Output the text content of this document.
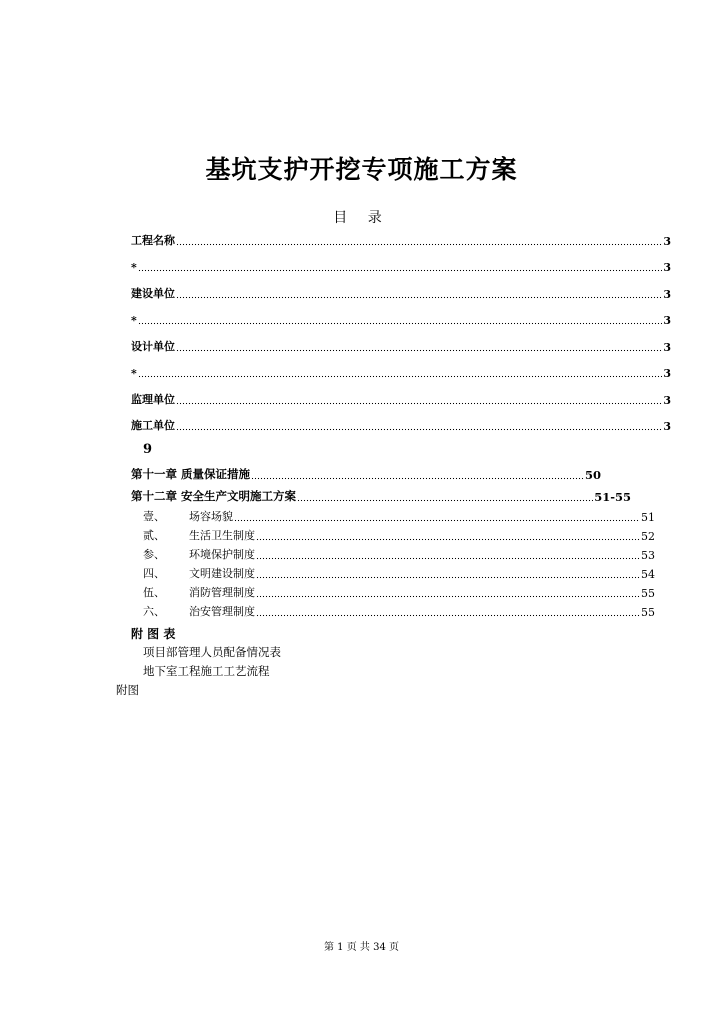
基坑支护开挖专项施工方案
目 录
工程名称	3
*	3
建设单位	3
*	3
设计单位	3
*	3
监理单位	3
施工单位	3
9
第十一章 质量保证措施	50
第十二章 安全生产文明施工方案	51-55
壹、	场容场貌	51
贰、	生活卫生制度	52
参、	环境保护制度	53
四、	文明建设制度	54
伍、	消防管理制度	55
六、	治安管理制度	55
附 图 表
项目部管理人员配备情况表
地下室工程施工工艺流程
附图
第 1 页 共 34 页
